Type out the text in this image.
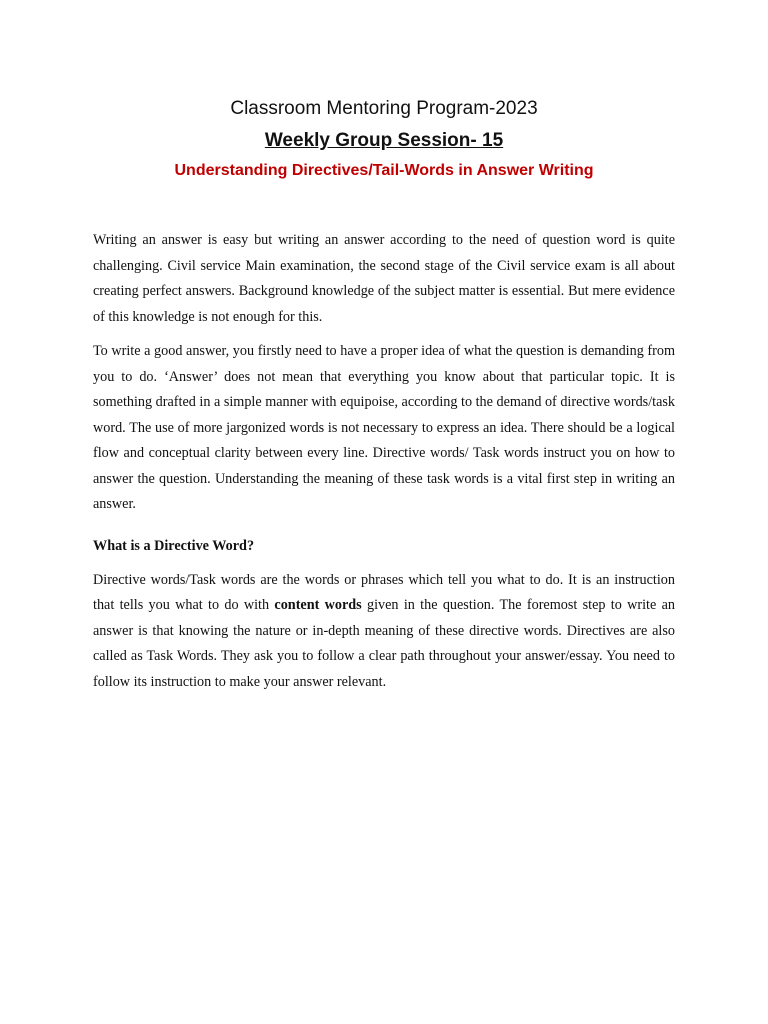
Classroom Mentoring Program-2023
Weekly Group Session- 15
Understanding Directives/Tail-Words in Answer Writing

Writing an answer is easy but writing an answer according to the need of question word is quite challenging. Civil service Main examination, the second stage of the Civil service exam is all about creating perfect answers. Background knowledge of the subject matter is essential. But mere evidence of this knowledge is not enough for this.

To write a good answer, you firstly need to have a proper idea of what the question is demanding from you to do. ‘Answer’ does not mean that everything you know about that particular topic. It is something drafted in a simple manner with equipoise, according to the demand of directive words/task word. The use of more jargonized words is not necessary to express an idea. There should be a logical flow and conceptual clarity between every line. Directive words/ Task words instruct you on how to answer the question. Understanding the meaning of these task words is a vital first step in writing an answer.

What is a Directive Word?

Directive words/Task words are the words or phrases which tell you what to do. It is an instruction that tells you what to do with content words given in the question. The foremost step to write an answer is that knowing the nature or in-depth meaning of these directive words. Directives are also called as Task Words. They ask you to follow a clear path throughout your answer/essay. You need to follow its instruction to make your answer relevant.
